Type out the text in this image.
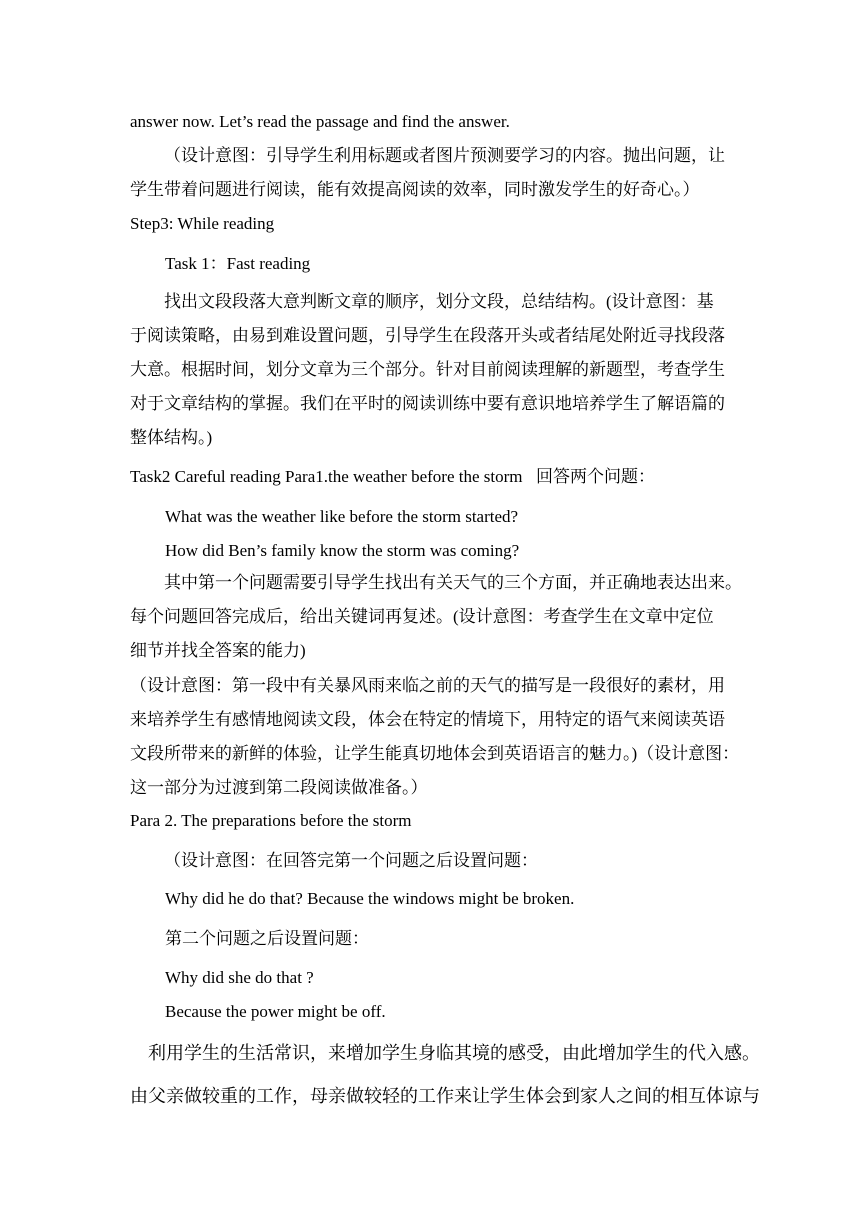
answer now. Let’s read the passage and find the answer.
（设计意图：引导学生利用标题或者图片预测要学习的内容。抛出问题，让
学生带着问题进行阅读，能有效提高阅读的效率，同时激发学生的好奇心。）
Step3: While reading
Task 1：Fast reading
找出文段段落大意判断文章的顺序，划分文段，总结结构。(设计意图：基
于阅读策略，由易到难设置问题，引导学生在段落开头或者结尾处附近寻找段落
大意。根据时间，划分文章为三个部分。针对目前阅读理解的新题型，考查学生
对于文章结构的掌握。我们在平时的阅读训练中要有意识地培养学生了解语篇的
整体结构。)
Task2 Careful reading Para1.the weather before the storm 回答两个问题：
What was the weather like before the storm started?
How did Ben’s family know the storm was coming?
其中第一个问题需要引导学生找出有关天气的三个方面，并正确地表达出来。
每个问题回答完成后，给出关键词再复述。(设计意图：考查学生在文章中定位
细节并找全答案的能力)
（设计意图：第一段中有关暴风雨来临之前的天气的描写是一段很好的素材，用
来培养学生有感情地阅读文段，体会在特定的情境下，用特定的语气来阅读英语
文段所带来的新鲜的体验，让学生能真切地体会到英语语言的魅力。)（设计意图：
这一部分为过渡到第二段阅读做准备。）
Para 2. The preparations before the storm
（设计意图：在回答完第一个问题之后设置问题：
Why did he do that? Because the windows might be broken.
第二个问题之后设置问题：
Why did she do that ?
Because the power might be off.
利用学生的生活常识，来增加学生身临其境的感受，由此增加学生的代入感。
由父亲做较重的工作，母亲做较轻的工作来让学生体会到家人之间的相互体谅与
